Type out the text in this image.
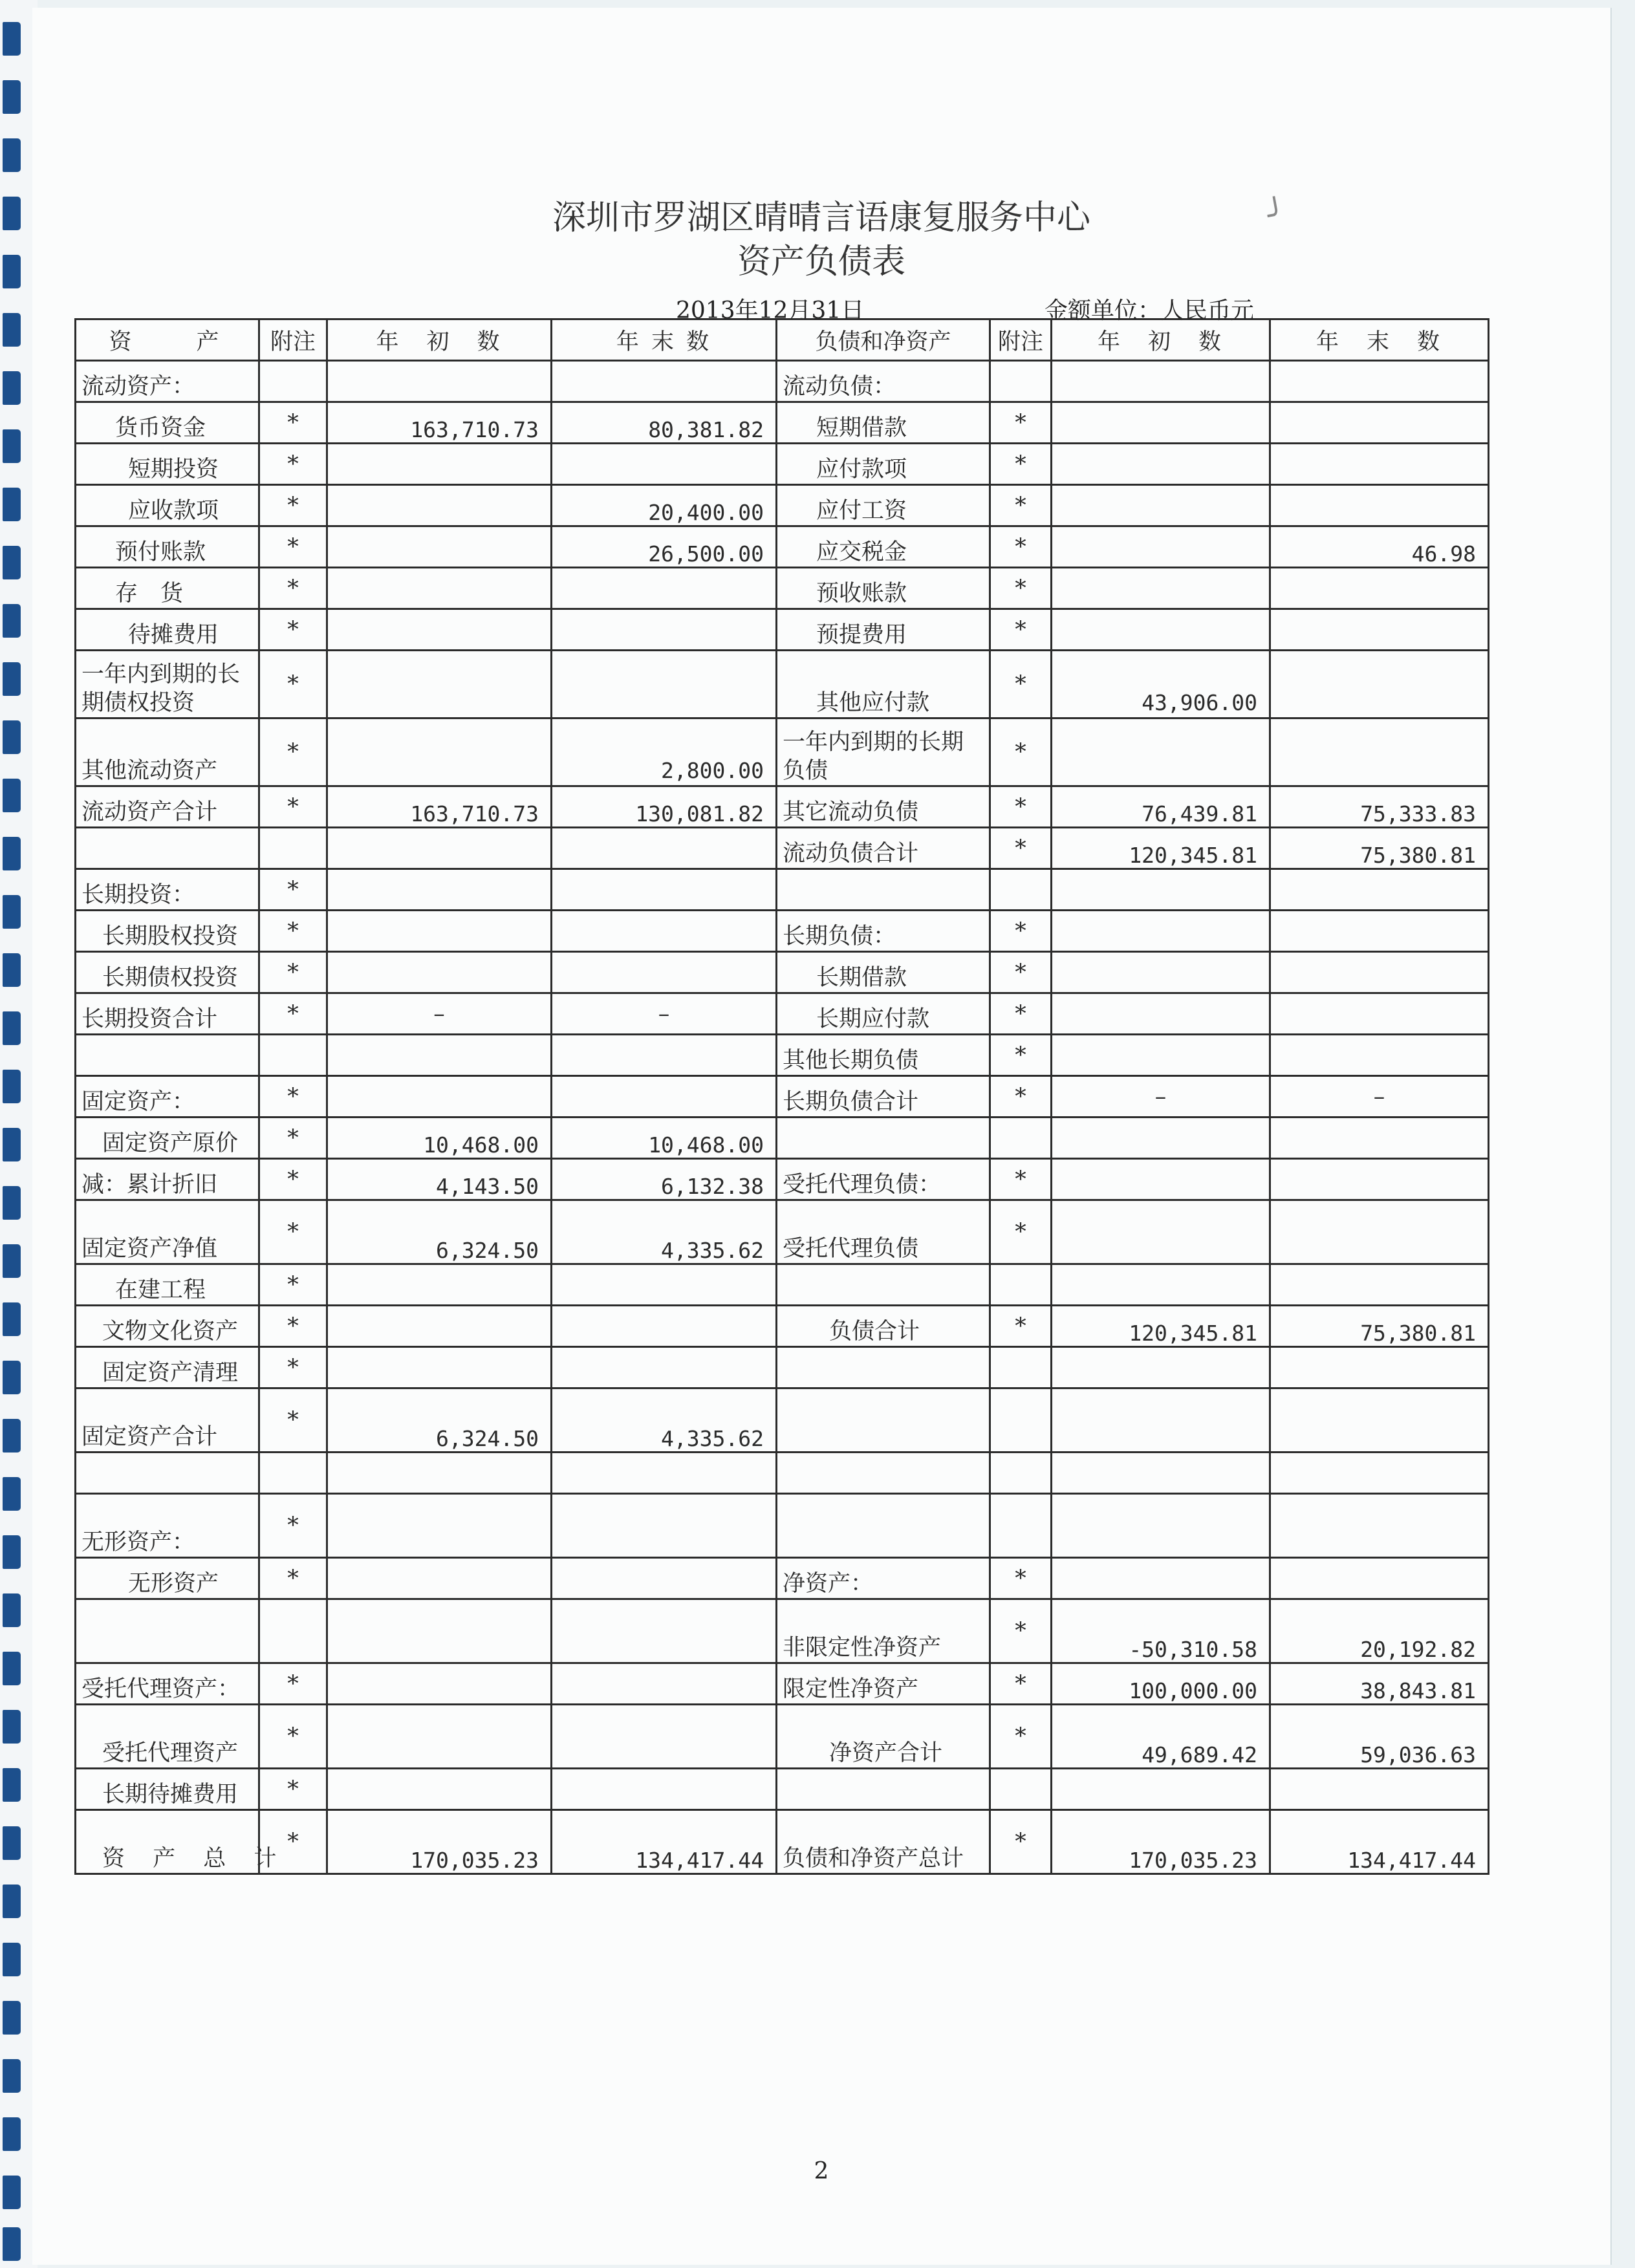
深圳市罗湖区晴晴言语康复服务中心
资产负债表
╯
2013年12月31日	金额单位：人民币元
资　　产	附注	年　初　数	年 末 数	负债和净资产	附注	年　初　数	年　末　数
流动资产：				流动负债：			
货币资金	*	163,710.73	80,381.82	短期借款	*		
短期投资	*			应付款项	*		
应收款项	*		20,400.00	应付工资	*		
预付账款	*		26,500.00	应交税金	*		46.98
存　货	*			预收账款	*		
待摊费用	*			预提费用	*		
一年内到期的长期债权投资	*			其他应付款	*	43,906.00	
其他流动资产	*		2,800.00	一年内到期的长期负债	*		
流动资产合计	*	163,710.73	130,081.82	其它流动负债	*	76,439.81	75,333.83
				流动负债合计	*	120,345.81	75,380.81
长期投资：	*						
长期股权投资	*			长期负债：	*		
长期债权投资	*			长期借款	*		
长期投资合计	*	–	–	长期应付款	*		
				其他长期负债	*		
固定资产：	*			长期负债合计	*	–	–
固定资产原价	*	10,468.00	10,468.00				
减：累计折旧	*	4,143.50	6,132.38	受托代理负债：	*		
固定资产净值	*	6,324.50	4,335.62	受托代理负债	*		
在建工程	*						
文物文化资产	*			负债合计	*	120,345.81	75,380.81
固定资产清理	*						
固定资产合计	*	6,324.50	4,335.62				

无形资产：	*						
无形资产	*			净资产：	*		
				非限定性净资产	*	-50,310.58	20,192.82
受托代理资产：	*			限定性净资产	*	100,000.00	38,843.81
受托代理资产	*			净资产合计	*	49,689.42	59,036.63
长期待摊费用	*						
资 产 总 计	*	170,035.23	134,417.44	负债和净资产总计	*	170,035.23	134,417.44
2
